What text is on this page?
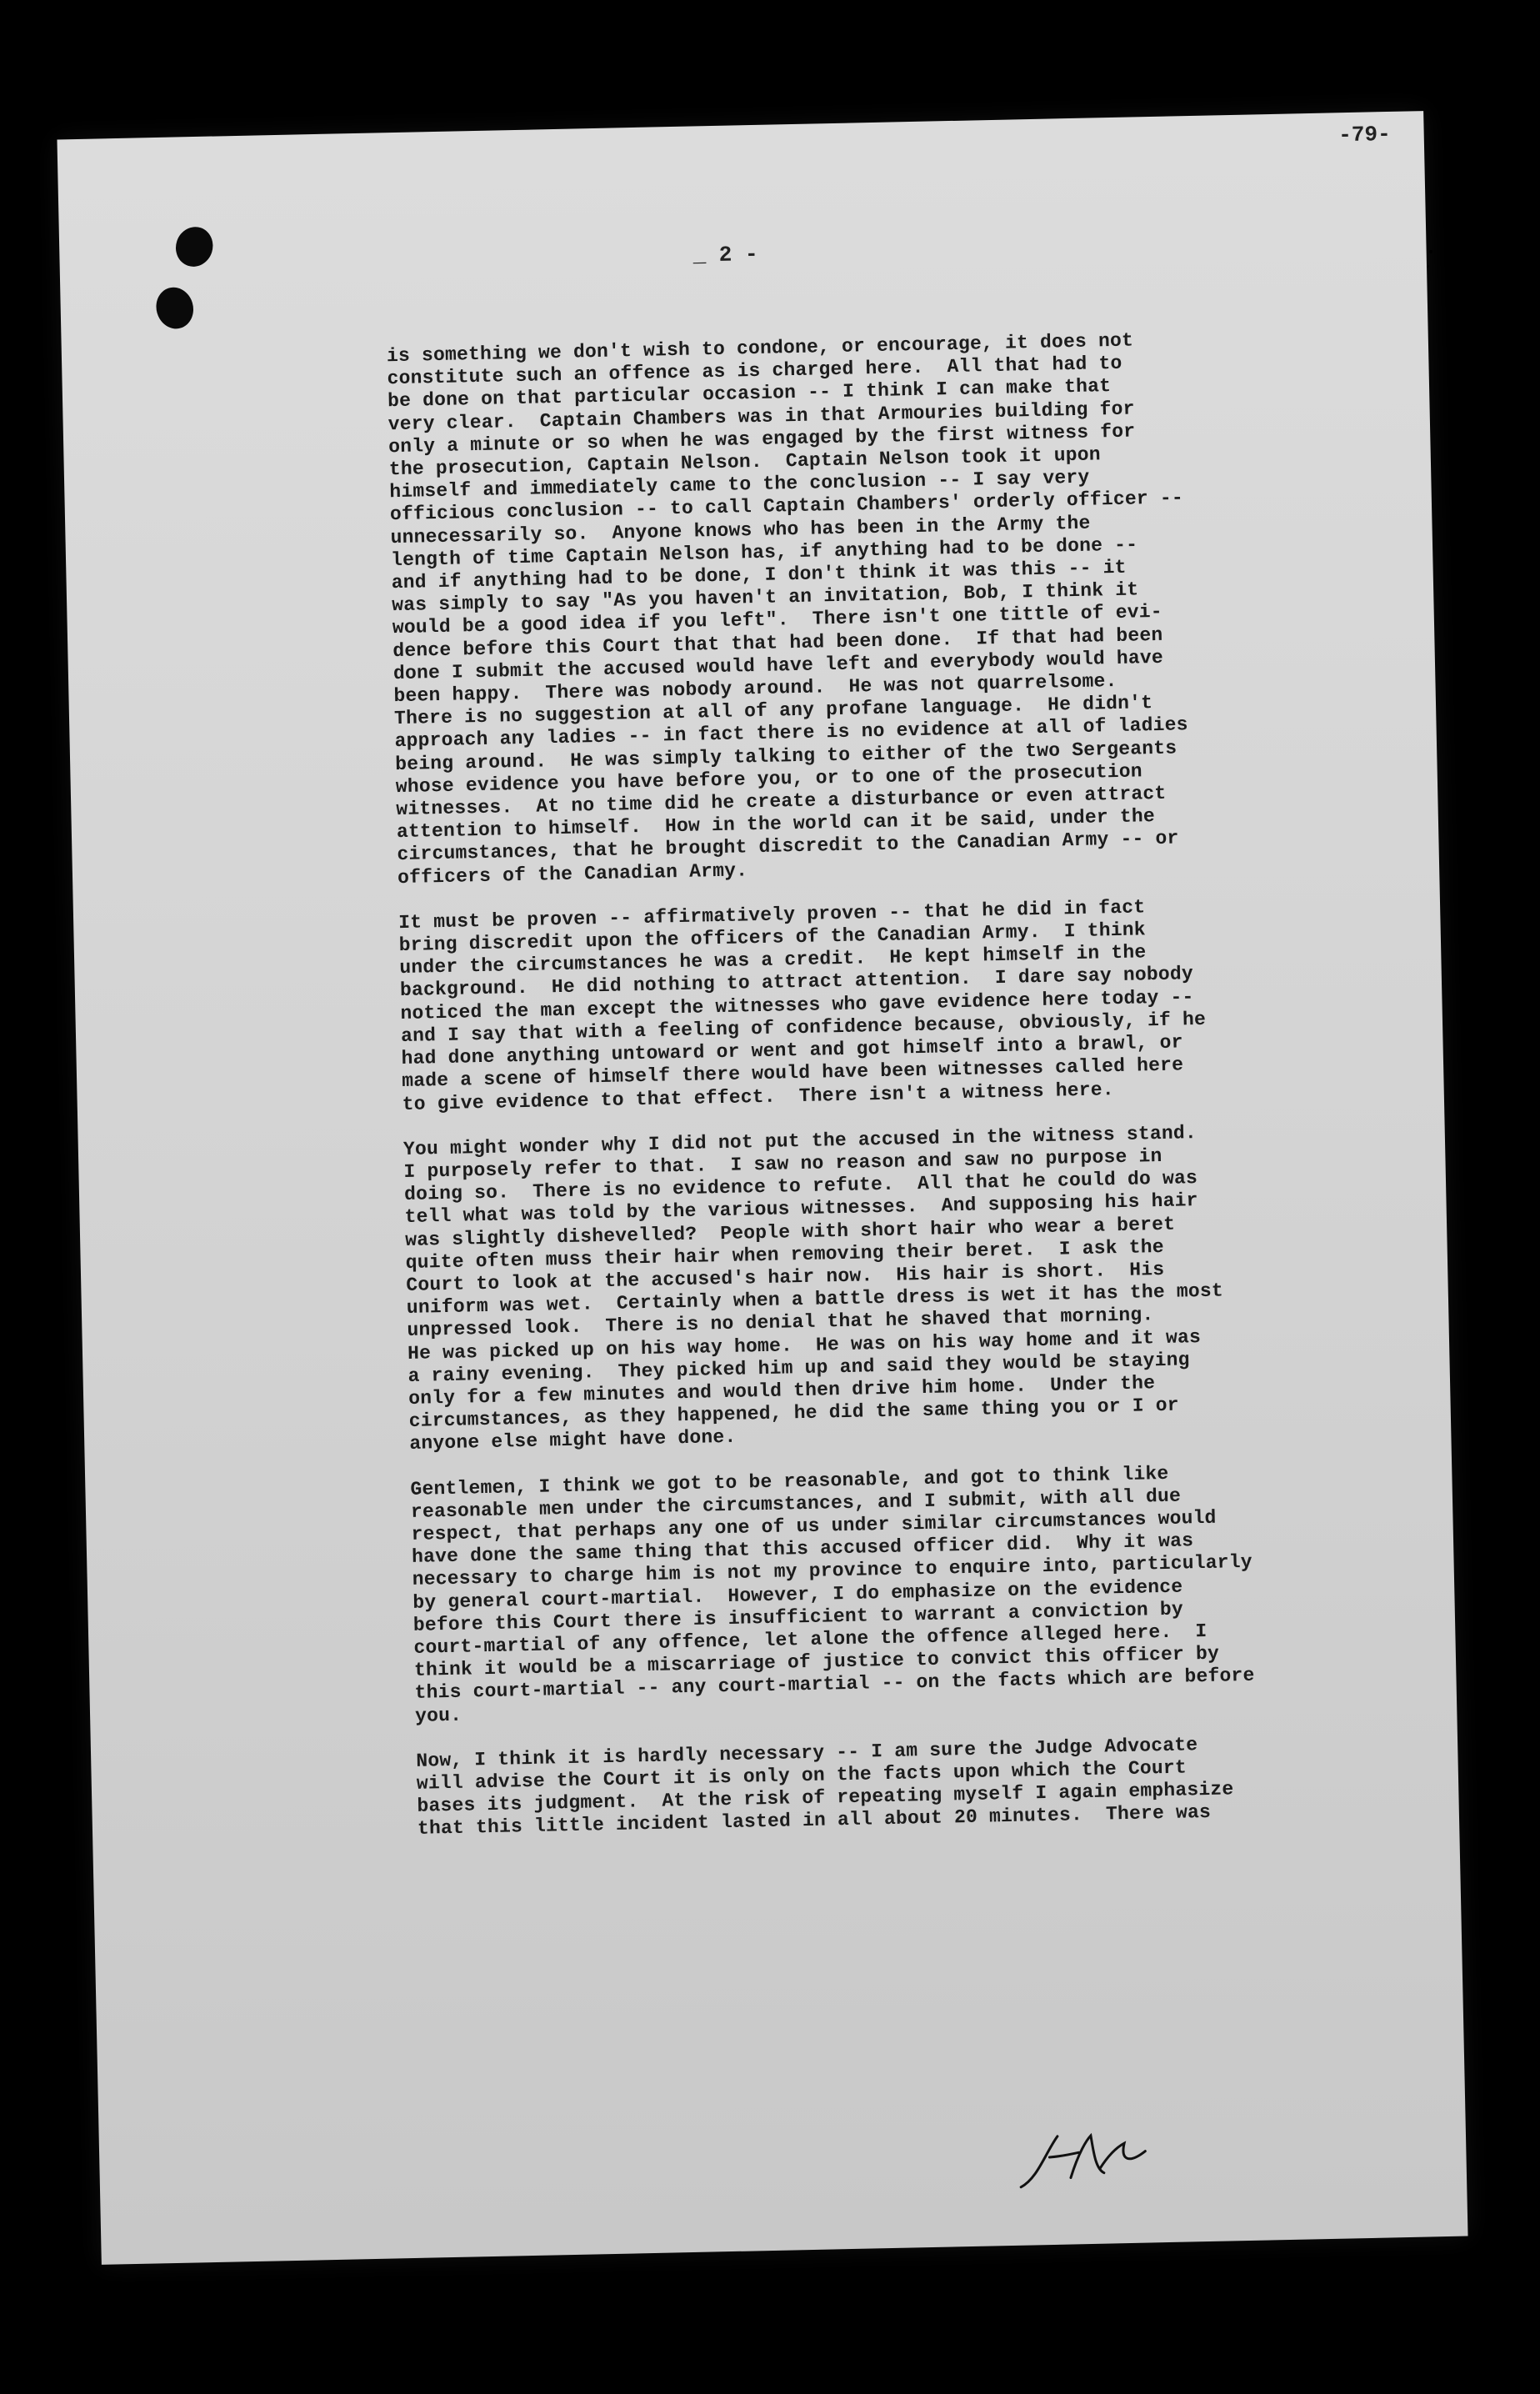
-79-
_ 2 -

is something we don't wish to condone, or encourage, it does not
constitute such an offence as is charged here.  All that had to
be done on that particular occasion -- I think I can make that
very clear.  Captain Chambers was in that Armouries building for
only a minute or so when he was engaged by the first witness for
the prosecution, Captain Nelson.  Captain Nelson took it upon
himself and immediately came to the conclusion -- I say very
officious conclusion -- to call Captain Chambers' orderly officer --
unnecessarily so.  Anyone knows who has been in the Army the
length of time Captain Nelson has, if anything had to be done --
and if anything had to be done, I don't think it was this -- it
was simply to say "As you haven't an invitation, Bob, I think it
would be a good idea if you left".  There isn't one tittle of evi-
dence before this Court that that had been done.  If that had been
done I submit the accused would have left and everybody would have
been happy.  There was nobody around.  He was not quarrelsome.
There is no suggestion at all of any profane language.  He didn't
approach any ladies -- in fact there is no evidence at all of ladies
being around.  He was simply talking to either of the two Sergeants
whose evidence you have before you, or to one of the prosecution
witnesses.  At no time did he create a disturbance or even attract
attention to himself.  How in the world can it be said, under the
circumstances, that he brought discredit to the Canadian Army -- or
officers of the Canadian Army.

It must be proven -- affirmatively proven -- that he did in fact
bring discredit upon the officers of the Canadian Army.  I think
under the circumstances he was a credit.  He kept himself in the
background.  He did nothing to attract attention.  I dare say nobody
noticed the man except the witnesses who gave evidence here today --
and I say that with a feeling of confidence because, obviously, if he
had done anything untoward or went and got himself into a brawl, or
made a scene of himself there would have been witnesses called here
to give evidence to that effect.  There isn't a witness here.

You might wonder why I did not put the accused in the witness stand.
I purposely refer to that.  I saw no reason and saw no purpose in
doing so.  There is no evidence to refute.  All that he could do was
tell what was told by the various witnesses.  And supposing his hair
was slightly dishevelled?  People with short hair who wear a beret
quite often muss their hair when removing their beret.  I ask the
Court to look at the accused's hair now.  His hair is short.  His
uniform was wet.  Certainly when a battle dress is wet it has the most
unpressed look.  There is no denial that he shaved that morning.
He was picked up on his way home.  He was on his way home and it was
a rainy evening.  They picked him up and said they would be staying
only for a few minutes and would then drive him home.  Under the
circumstances, as they happened, he did the same thing you or I or
anyone else might have done.

Gentlemen, I think we got to be reasonable, and got to think like
reasonable men under the circumstances, and I submit, with all due
respect, that perhaps any one of us under similar circumstances would
have done the same thing that this accused officer did.  Why it was
necessary to charge him is not my province to enquire into, particularly
by general court-martial.  However, I do emphasize on the evidence
before this Court there is insufficient to warrant a conviction by
court-martial of any offence, let alone the offence alleged here.  I
think it would be a miscarriage of justice to convict this officer by
this court-martial -- any court-martial -- on the facts which are before
you.

Now, I think it is hardly necessary -- I am sure the Judge Advocate
will advise the Court it is only on the facts upon which the Court
bases its judgment.  At the risk of repeating myself I again emphasize
that this little incident lasted in all about 20 minutes.  There was
